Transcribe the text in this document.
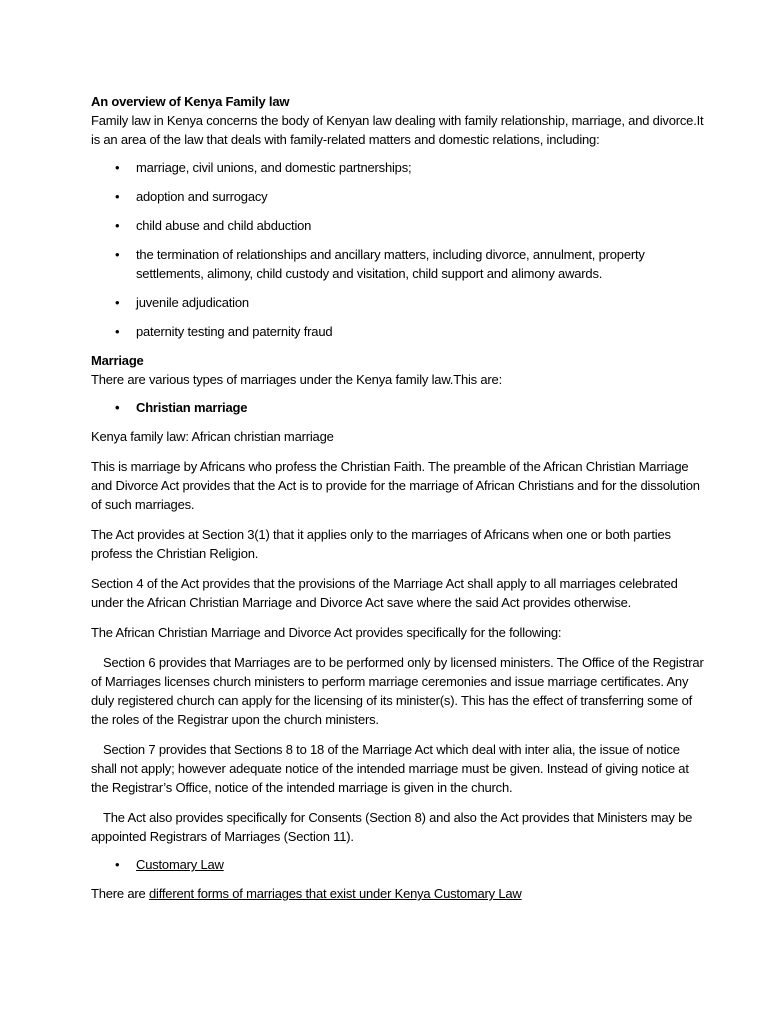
An overview of Kenya Family law

Family law in Kenya concerns the body of Kenyan law dealing with family relationship, marriage, and divorce.It is an area of the law that deals with family-related matters and domestic relations, including:

• marriage, civil unions, and domestic partnerships;
• adoption and surrogacy
• child abuse and child abduction
• the termination of relationships and ancillary matters, including divorce, annulment, property settlements, alimony, child custody and visitation, child support and alimony awards.
• juvenile adjudication
• paternity testing and paternity fraud

Marriage

There are various types of marriages under the Kenya family law.This are:

• Christian marriage

Kenya family law: African christian marriage

This is marriage by Africans who profess the Christian Faith. The preamble of the African Christian Marriage and Divorce Act provides that the Act is to provide for the marriage of African Christians and for the dissolution of such marriages.

The Act provides at Section 3(1) that it applies only to the marriages of Africans when one or both parties profess the Christian Religion.

Section 4 of the Act provides that the provisions of the Marriage Act shall apply to all marriages celebrated under the African Christian Marriage and Divorce Act save where the said Act provides otherwise.

The African Christian Marriage and Divorce Act provides specifically for the following:

Section 6 provides that Marriages are to be performed only by licensed ministers. The Office of the Registrar of Marriages licenses church ministers to perform marriage ceremonies and issue marriage certificates. Any duly registered church can apply for the licensing of its minister(s). This has the effect of transferring some of the roles of the Registrar upon the church ministers.

Section 7 provides that Sections 8 to 18 of the Marriage Act which deal with inter alia, the issue of notice shall not apply; however adequate notice of the intended marriage must be given. Instead of giving notice at the Registrar’s Office, notice of the intended marriage is given in the church.

The Act also provides specifically for Consents (Section 8) and also the Act provides that Ministers may be appointed Registrars of Marriages (Section 11).

• Customary Law

There are different forms of marriages that exist under Kenya Customary Law
